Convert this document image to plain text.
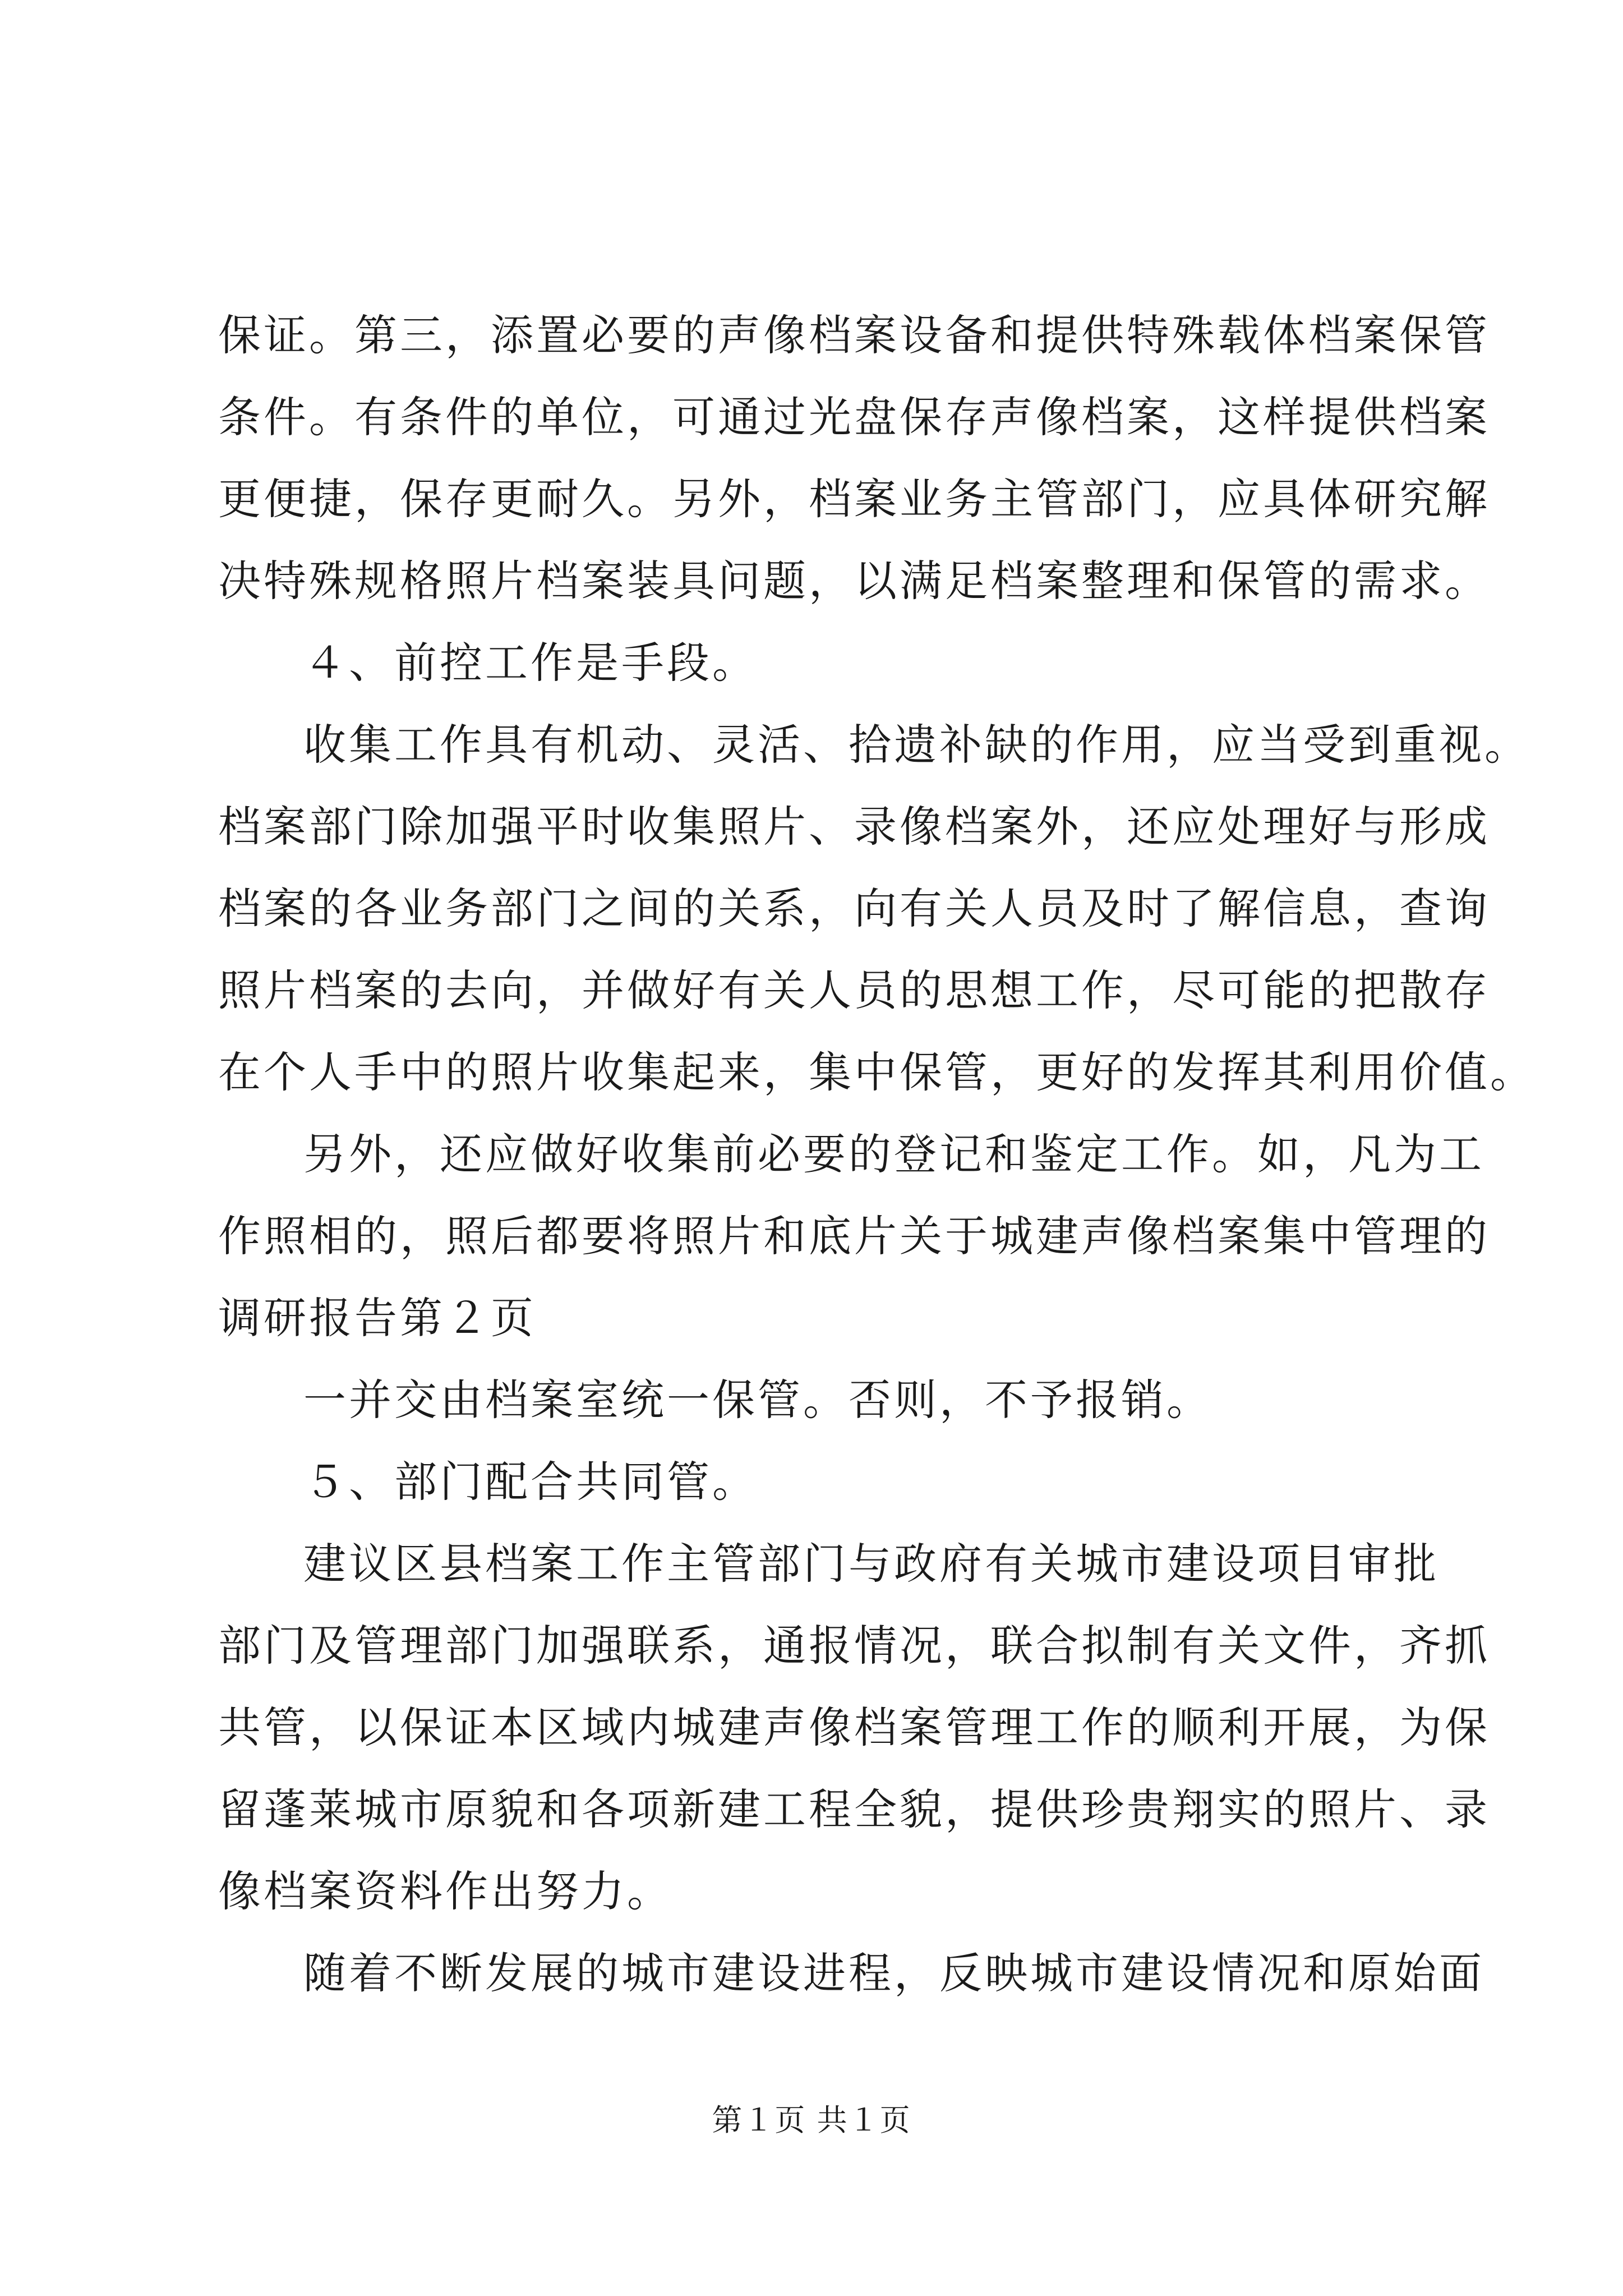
保证。第三，添置必要的声像档案设备和提供特殊载体档案保管
条件。有条件的单位，可通过光盘保存声像档案，这样提供档案
更便捷，保存更耐久。另外，档案业务主管部门，应具体研究解
决特殊规格照片档案装具问题，以满足档案整理和保管的需求。
４、前控工作是手段。
收集工作具有机动、灵活、拾遗补缺的作用，应当受到重视。
档案部门除加强平时收集照片、录像档案外，还应处理好与形成
档案的各业务部门之间的关系，向有关人员及时了解信息，查询
照片档案的去向，并做好有关人员的思想工作，尽可能的把散存
在个人手中的照片收集起来，集中保管，更好的发挥其利用价值。
另外，还应做好收集前必要的登记和鉴定工作。如，凡为工
作照相的，照后都要将照片和底片关于城建声像档案集中管理的
调研报告第２页
一并交由档案室统一保管。否则，不予报销。
５、部门配合共同管。
建议区县档案工作主管部门与政府有关城市建设项目审批
部门及管理部门加强联系，通报情况，联合拟制有关文件，齐抓
共管，以保证本区域内城建声像档案管理工作的顺利开展，为保
留蓬莱城市原貌和各项新建工程全貌，提供珍贵翔实的照片、录
像档案资料作出努力。
随着不断发展的城市建设进程，反映城市建设情况和原始面
第１页 共１页
